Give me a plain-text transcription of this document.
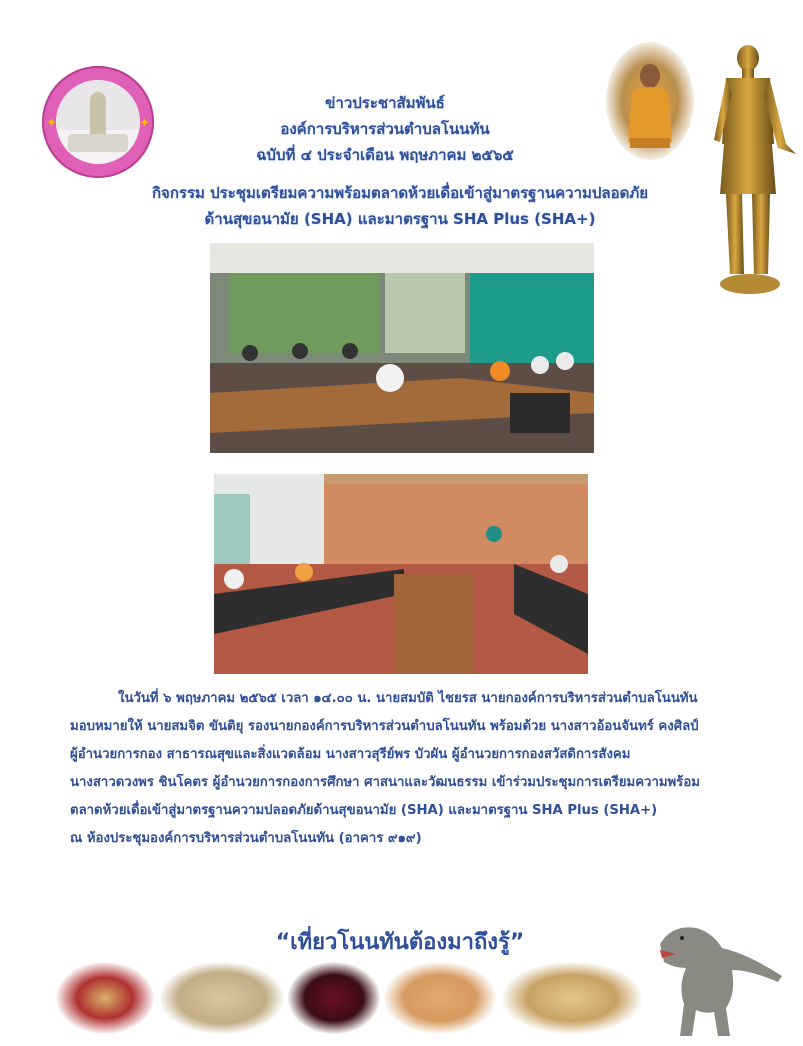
✦	✦
ข่าวประชาสัมพันธ์
องค์การบริหารส่วนตำบลโนนทัน
ฉบับที่ ๔ ประจำเดือน พฤษภาคม ๒๕๖๕
กิจกรรม ประชุมเตรียมความพร้อมตลาดห้วยเดื่อเข้าสู่มาตรฐานความปลอดภัย
ด้านสุขอนามัย (SHA) และมาตรฐาน SHA Plus (SHA+)
ในวันที่ ๖ พฤษภาคม ๒๕๖๕ เวลา ๑๔.๐๐ น. นายสมบัติ ไชยรส นายกองค์การบริหารส่วนตำบลโนนทัน
มอบหมายให้ นายสมจิต ขันติยุ รองนายกองค์การบริหารส่วนตำบลโนนทัน พร้อมด้วย นางสาวอ้อนจันทร์ คงศิลป์
ผู้อำนวยการกอง สาธารณสุขและสิ่งแวดล้อม นางสาวสุรีย์พร บัวผัน ผู้อำนวยการกองสวัสดิการสังคม
นางสาวดวงพร ชินโคตร ผู้อำนวยการกองการศึกษา ศาสนาและวัฒนธรรม เข้าร่วมประชุมการเตรียมความพร้อม
ตลาดห้วยเดื่อเข้าสู่มาตรฐานความปลอดภัยด้านสุขอนามัย (SHA) และมาตรฐาน SHA Plus (SHA+)
ณ ห้องประชุมองค์การบริหารส่วนตำบลโนนทัน (อาคาร ๙๑๙)
“เที่ยวโนนทันต้องมาถึงรู้”
